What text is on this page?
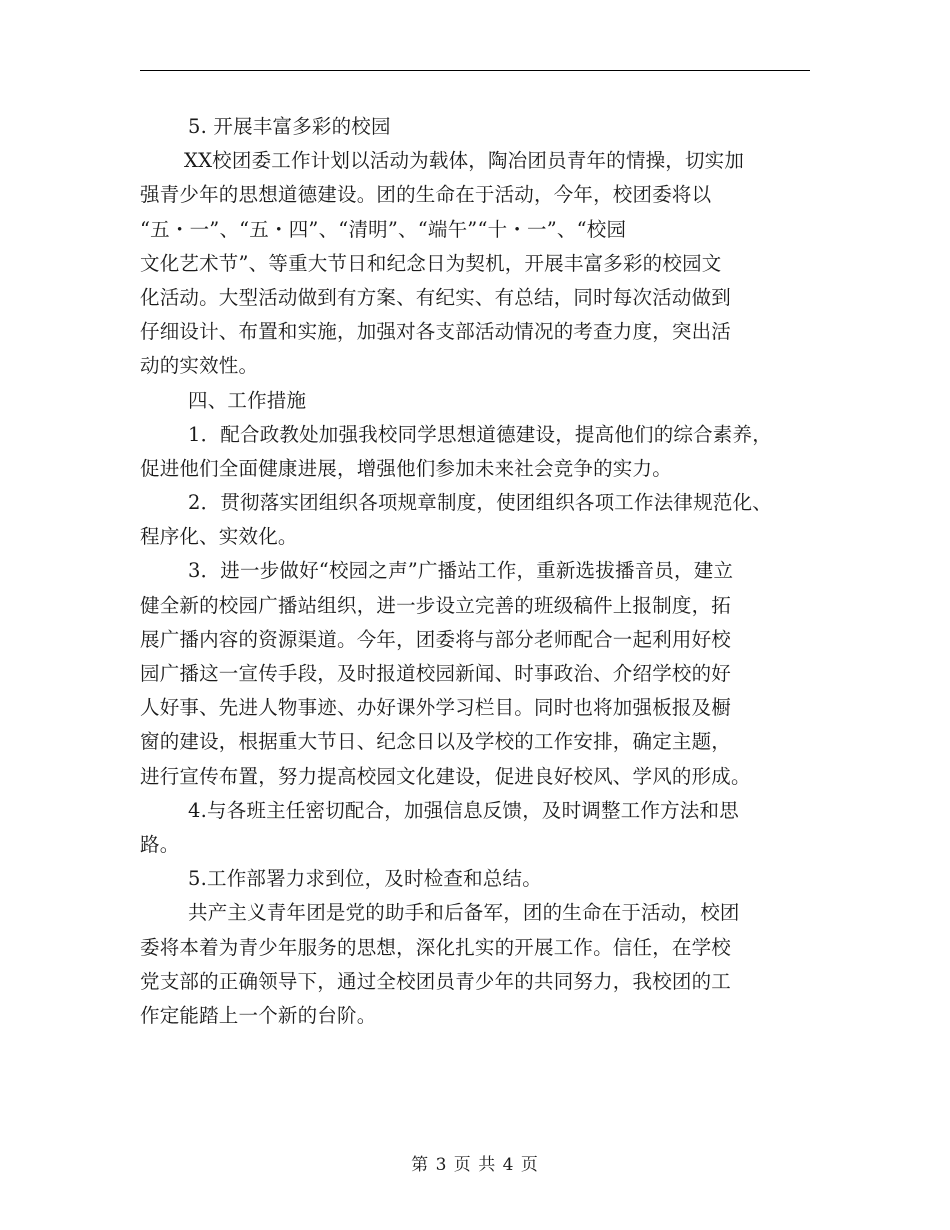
5. 开展丰富多彩的校园
XX校团委工作计划以活动为载体，陶冶团员青年的情操，切实加
强青少年的思想道德建设。团的生命在于活动，今年，校团委将以
“五・一”、“五・四”、“清明”、“端午”“十・一”、“校园
文化艺术节”、等重大节日和纪念日为契机，开展丰富多彩的校园文
化活动。大型活动做到有方案、有纪实、有总结，同时每次活动做到
仔细设计、布置和实施，加强对各支部活动情况的考查力度，突出活
动的实效性。
四、工作措施
1．配合政教处加强我校同学思想道德建设，提高他们的综合素养，
促进他们全面健康进展，增强他们参加未来社会竞争的实力。
2．贯彻落实团组织各项规章制度，使团组织各项工作法律规范化、
程序化、实效化。
3．进一步做好“校园之声”广播站工作，重新选拔播音员，建立
健全新的校园广播站组织，进一步设立完善的班级稿件上报制度，拓
展广播内容的资源渠道。今年，团委将与部分老师配合一起利用好校
园广播这一宣传手段，及时报道校园新闻、时事政治、介绍学校的好
人好事、先进人物事迹、办好课外学习栏目。同时也将加强板报及橱
窗的建设，根据重大节日、纪念日以及学校的工作安排，确定主题，
进行宣传布置，努力提高校园文化建设，促进良好校风、学风的形成。
4.与各班主任密切配合，加强信息反馈，及时调整工作方法和思
路。
5.工作部署力求到位，及时检查和总结。
共产主义青年团是党的助手和后备军，团的生命在于活动，校团
委将本着为青少年服务的思想，深化扎实的开展工作。信任，在学校
党支部的正确领导下，通过全校团员青少年的共同努力，我校团的工
作定能踏上一个新的台阶。
第 3 页 共 4 页
